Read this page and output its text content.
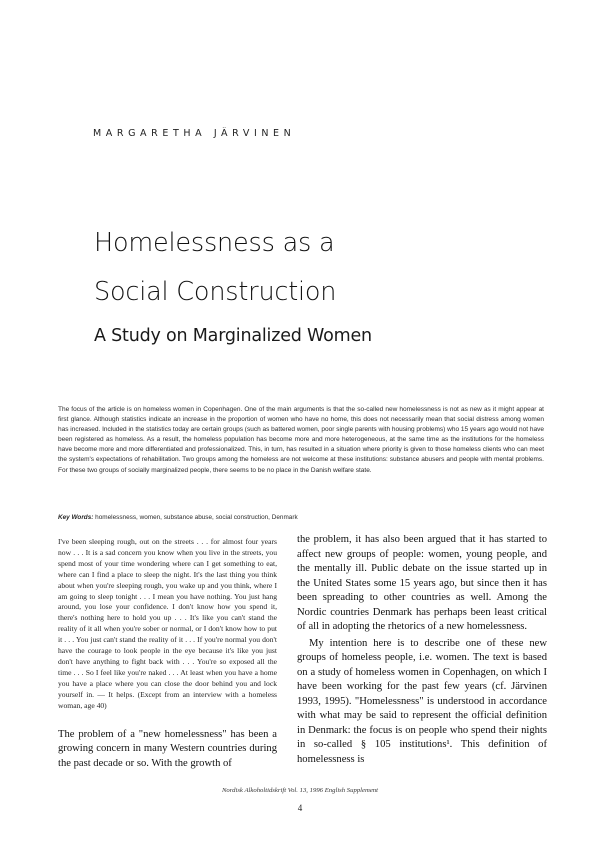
MARGARETHA JÄRVINEN
Homelessness as a
Social Construction
A Study on Marginalized Women

The focus of the article is on homeless women in Copenhagen. One of the main arguments is that the so-called new homelessness is not as new as it might appear at first glance. Although statistics indicate an increase in the proportion of women who have no home, this does not necessarily mean that social distress among women has increased. Included in the statistics today are certain groups (such as battered women, poor single parents with housing problems) who 15 years ago would not have been registered as homeless. As a result, the homeless population has become more and more heterogeneous, at the same time as the institutions for the homeless have become more and more differentiated and professionalized. This, in turn, has resulted in a situation where priority is given to those homeless clients who can meet the system's expectations of rehabilitation. Two groups among the homeless are not welcome at these institutions: substance abusers and people with mental problems. For these two groups of socially marginalized people, there seems to be no place in the Danish welfare state.

Key Words: homelessness, women, substance abuse, social construction, Denmark

I've been sleeping rough, out on the streets . . . for almost four years now . . . It is a sad concern you know when you live in the streets, you spend most of your time wondering where can I get something to eat, where can I find a place to sleep the night. It's the last thing you think about when you're sleeping rough, you wake up and you think, where I am going to sleep tonight . . . I mean you have nothing. You just hang around, you lose your confidence. I don't know how you spend it, there's nothing here to hold you up . . . It's like you can't stand the reality of it all when you're sober or normal, or I don't know how to put it . . . You just can't stand the reality of it . . . If you're normal you don't have the courage to look people in the eye because it's like you just don't have anything to fight back with . . . You're so exposed all the time . . . So I feel like you're naked . . . At least when you have a home you have a place where you can close the door behind you and lock yourself in. — It helps. (Except from an interview with a homeless woman, age 40)

The problem of a "new homelessness" has been a growing concern in many Western countries during the past decade or so. With the growth of

the problem, it has also been argued that it has started to affect new groups of people: women, young people, and the mentally ill. Public debate on the issue started up in the United States some 15 years ago, but since then it has been spreading to other countries as well. Among the Nordic countries Denmark has perhaps been least critical of all in adopting the rhetorics of a new homelessness.

My intention here is to describe one of these new groups of homeless people, i.e. women. The text is based on a study of homeless women in Copenhagen, on which I have been working for the past few years (cf. Järvinen 1993, 1995). "Homelessness" is understood in accordance with what may be said to represent the official definition in Denmark: the focus is on people who spend their nights in so-called § 105 institutions¹. This definition of homelessness is

Nordisk Alkoholtidskrift Vol. 13, 1996 English Supplement
4
